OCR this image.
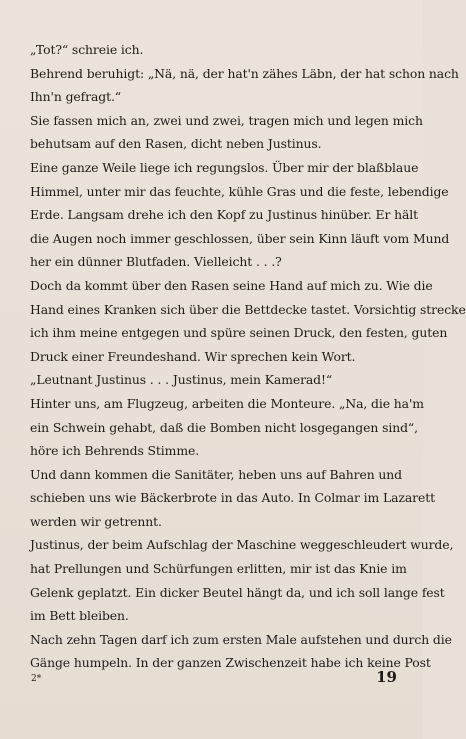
„Tot?“ schreie ich.
Behrend beruhigt: „Nä, nä, der hat'n zähes Läbn, der hat schon nach
Ihn'n gefragt.“
Sie fassen mich an, zwei und zwei, tragen mich und legen mich
behutsam auf den Rasen, dicht neben Justinus.
Eine ganze Weile liege ich regungslos. Über mir der blaßblaue
Himmel, unter mir das feuchte, kühle Gras und die feste, lebendige
Erde. Langsam drehe ich den Kopf zu Justinus hinüber. Er hält
die Augen noch immer geschlossen, über sein Kinn läuft vom Mund
her ein dünner Blutfaden. Vielleicht . . .?
Doch da kommt über den Rasen seine Hand auf mich zu. Wie die
Hand eines Kranken sich über die Bettdecke tastet. Vorsichtig strecke
ich ihm meine entgegen und spüre seinen Druck, den festen, guten
Druck einer Freundeshand. Wir sprechen kein Wort.
„Leutnant Justinus . . . Justinus, mein Kamerad!“
Hinter uns, am Flugzeug, arbeiten die Monteure. „Na, die ha'm
ein Schwein gehabt, daß die Bomben nicht losgegangen sind“,
höre ich Behrends Stimme.
Und dann kommen die Sanitäter, heben uns auf Bahren und
schieben uns wie Bäckerbrote in das Auto. In Colmar im Lazarett
werden wir getrennt.
Justinus, der beim Aufschlag der Maschine weggeschleudert wurde,
hat Prellungen und Schürfungen erlitten, mir ist das Knie im
Gelenk geplatzt. Ein dicker Beutel hängt da, und ich soll lange fest
im Bett bleiben.
Nach zehn Tagen darf ich zum ersten Male aufstehen und durch die
Gänge humpeln. In der ganzen Zwischenzeit habe ich keine Post
2*	19
